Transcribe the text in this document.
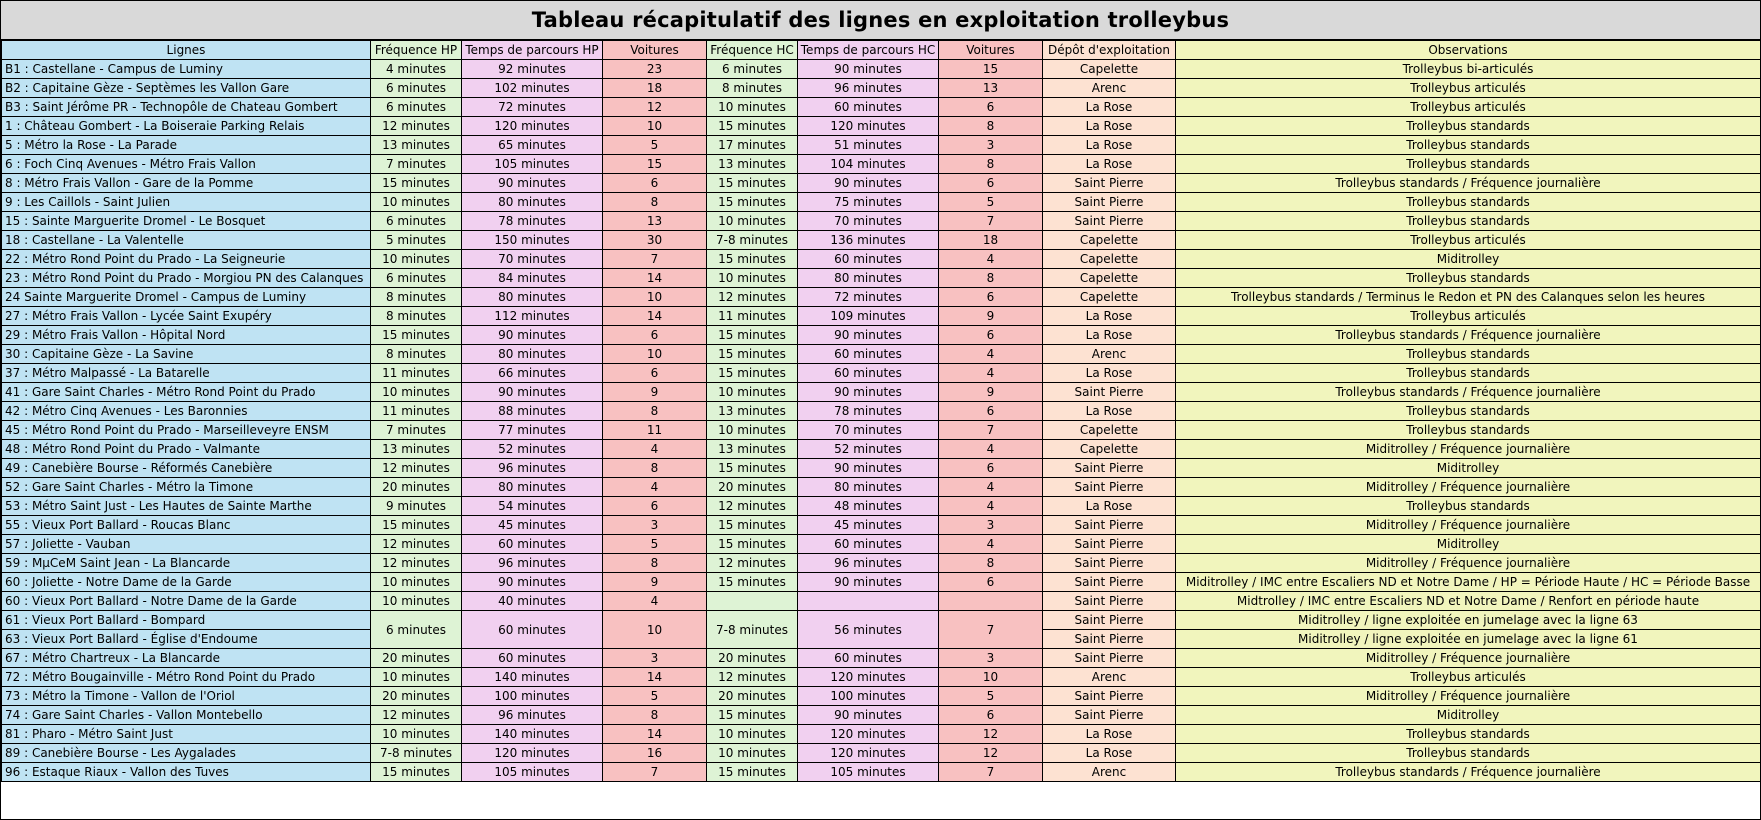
Tableau récapitulatif des lignes en exploitation trolleybus
Lignes	Fréquence HP	Temps de parcours HP	Voitures	Fréquence HC	Temps de parcours HC	Voitures	Dépôt d'exploitation	Observations
B1 : Castellane - Campus de Luminy	4 minutes	92 minutes	23	6 minutes	90 minutes	15	Capelette	Trolleybus bi-articulés
B2 : Capitaine Gèze - Septèmes les Vallon Gare	6 minutes	102 minutes	18	8 minutes	96 minutes	13	Arenc	Trolleybus articulés
B3 : Saint Jérôme PR - Technopôle de Chateau Gombert	6 minutes	72 minutes	12	10 minutes	60 minutes	6	La Rose	Trolleybus articulés
1 : Château Gombert - La Boiseraie Parking Relais	12 minutes	120 minutes	10	15 minutes	120 minutes	8	La Rose	Trolleybus standards
5 : Métro la Rose - La Parade	13 minutes	65 minutes	5	17 minutes	51 minutes	3	La Rose	Trolleybus standards
6 : Foch Cinq Avenues - Métro Frais Vallon	7 minutes	105 minutes	15	13 minutes	104 minutes	8	La Rose	Trolleybus standards
8 : Métro Frais Vallon - Gare de la Pomme	15 minutes	90 minutes	6	15 minutes	90 minutes	6	Saint Pierre	Trolleybus standards / Fréquence journalière
9 : Les Caillols - Saint Julien	10 minutes	80 minutes	8	15 minutes	75 minutes	5	Saint Pierre	Trolleybus standards
15 : Sainte Marguerite Dromel - Le Bosquet	6 minutes	78 minutes	13	10 minutes	70 minutes	7	Saint Pierre	Trolleybus standards
18 : Castellane - La Valentelle	5 minutes	150 minutes	30	7-8 minutes	136 minutes	18	Capelette	Trolleybus articulés
22 : Métro Rond Point du Prado - La Seigneurie	10 minutes	70 minutes	7	15 minutes	60 minutes	4	Capelette	Miditrolley
23 : Métro Rond Point du Prado - Morgiou PN des Calanques	6 minutes	84 minutes	14	10 minutes	80 minutes	8	Capelette	Trolleybus standards
24 Sainte Marguerite Dromel - Campus de Luminy	8 minutes	80 minutes	10	12 minutes	72 minutes	6	Capelette	Trolleybus standards / Terminus le Redon et PN des Calanques selon les heures
27 : Métro Frais Vallon - Lycée Saint Exupéry	8 minutes	112 minutes	14	11 minutes	109 minutes	9	La Rose	Trolleybus articulés
29 : Métro Frais Vallon - Hôpital Nord	15 minutes	90 minutes	6	15 minutes	90 minutes	6	La Rose	Trolleybus standards / Fréquence journalière
30 : Capitaine Gèze - La Savine	8 minutes	80 minutes	10	15 minutes	60 minutes	4	Arenc	Trolleybus standards
37 : Métro Malpassé - La Batarelle	11 minutes	66 minutes	6	15 minutes	60 minutes	4	La Rose	Trolleybus standards
41 : Gare Saint Charles - Métro Rond Point du Prado	10 minutes	90 minutes	9	10 minutes	90 minutes	9	Saint Pierre	Trolleybus standards / Fréquence journalière
42 : Métro Cinq Avenues - Les Baronnies	11 minutes	88 minutes	8	13 minutes	78 minutes	6	La Rose	Trolleybus standards
45 : Métro Rond Point du Prado - Marseilleveyre ENSM	7 minutes	77 minutes	11	10 minutes	70 minutes	7	Capelette	Trolleybus standards
48 : Métro Rond Point du Prado - Valmante	13 minutes	52 minutes	4	13 minutes	52 minutes	4	Capelette	Miditrolley / Fréquence journalière
49 : Canebière Bourse - Réformés Canebière	12 minutes	96 minutes	8	15 minutes	90 minutes	6	Saint Pierre	Miditrolley
52 : Gare Saint Charles - Métro la Timone	20 minutes	80 minutes	4	20 minutes	80 minutes	4	Saint Pierre	Miditrolley / Fréquence journalière
53 : Métro Saint Just - Les Hautes de Sainte Marthe	9 minutes	54 minutes	6	12 minutes	48 minutes	4	La Rose	Trolleybus standards
55 : Vieux Port Ballard - Roucas Blanc	15 minutes	45 minutes	3	15 minutes	45 minutes	3	Saint Pierre	Miditrolley / Fréquence journalière
57 : Joliette - Vauban	12 minutes	60 minutes	5	15 minutes	60 minutes	4	Saint Pierre	Miditrolley
59 : MµCeM Saint Jean - La Blancarde	12 minutes	96 minutes	8	12 minutes	96 minutes	8	Saint Pierre	Miditrolley / Fréquence journalière
60 : Joliette - Notre Dame de la Garde	10 minutes	90 minutes	9	15 minutes	90 minutes	6	Saint Pierre	Miditrolley / IMC entre Escaliers ND et Notre Dame / HP = Période Haute / HC = Période Basse
60 : Vieux Port Ballard - Notre Dame de la Garde	10 minutes	40 minutes	4				Saint Pierre	Midtrolley / IMC entre Escaliers ND et Notre Dame / Renfort en période haute
61 : Vieux Port Ballard - Bompard	6 minutes	60 minutes	10	7-8 minutes	56 minutes	7	Saint Pierre	Miditrolley / ligne exploitée en jumelage avec la ligne 63
63 : Vieux Port Ballard - Église d'Endoume							Saint Pierre	Miditrolley / ligne exploitée en jumelage avec la ligne 61
67 : Métro Chartreux - La Blancarde	20 minutes	60 minutes	3	20 minutes	60 minutes	3	Saint Pierre	Miditrolley / Fréquence journalière
72 : Métro Bougainville - Métro Rond Point du Prado	10 minutes	140 minutes	14	12 minutes	120 minutes	10	Arenc	Trolleybus articulés
73 : Métro la Timone - Vallon de l'Oriol	20 minutes	100 minutes	5	20 minutes	100 minutes	5	Saint Pierre	Miditrolley / Fréquence journalière
74 : Gare Saint Charles - Vallon Montebello	12 minutes	96 minutes	8	15 minutes	90 minutes	6	Saint Pierre	Miditrolley
81 : Pharo - Métro Saint Just	10 minutes	140 minutes	14	10 minutes	120 minutes	12	La Rose	Trolleybus standards
89 : Canebière Bourse - Les Aygalades	7-8 minutes	120 minutes	16	10 minutes	120 minutes	12	La Rose	Trolleybus standards
96 : Estaque Riaux - Vallon des Tuves	15 minutes	105 minutes	7	15 minutes	105 minutes	7	Arenc	Trolleybus standards / Fréquence journalière
